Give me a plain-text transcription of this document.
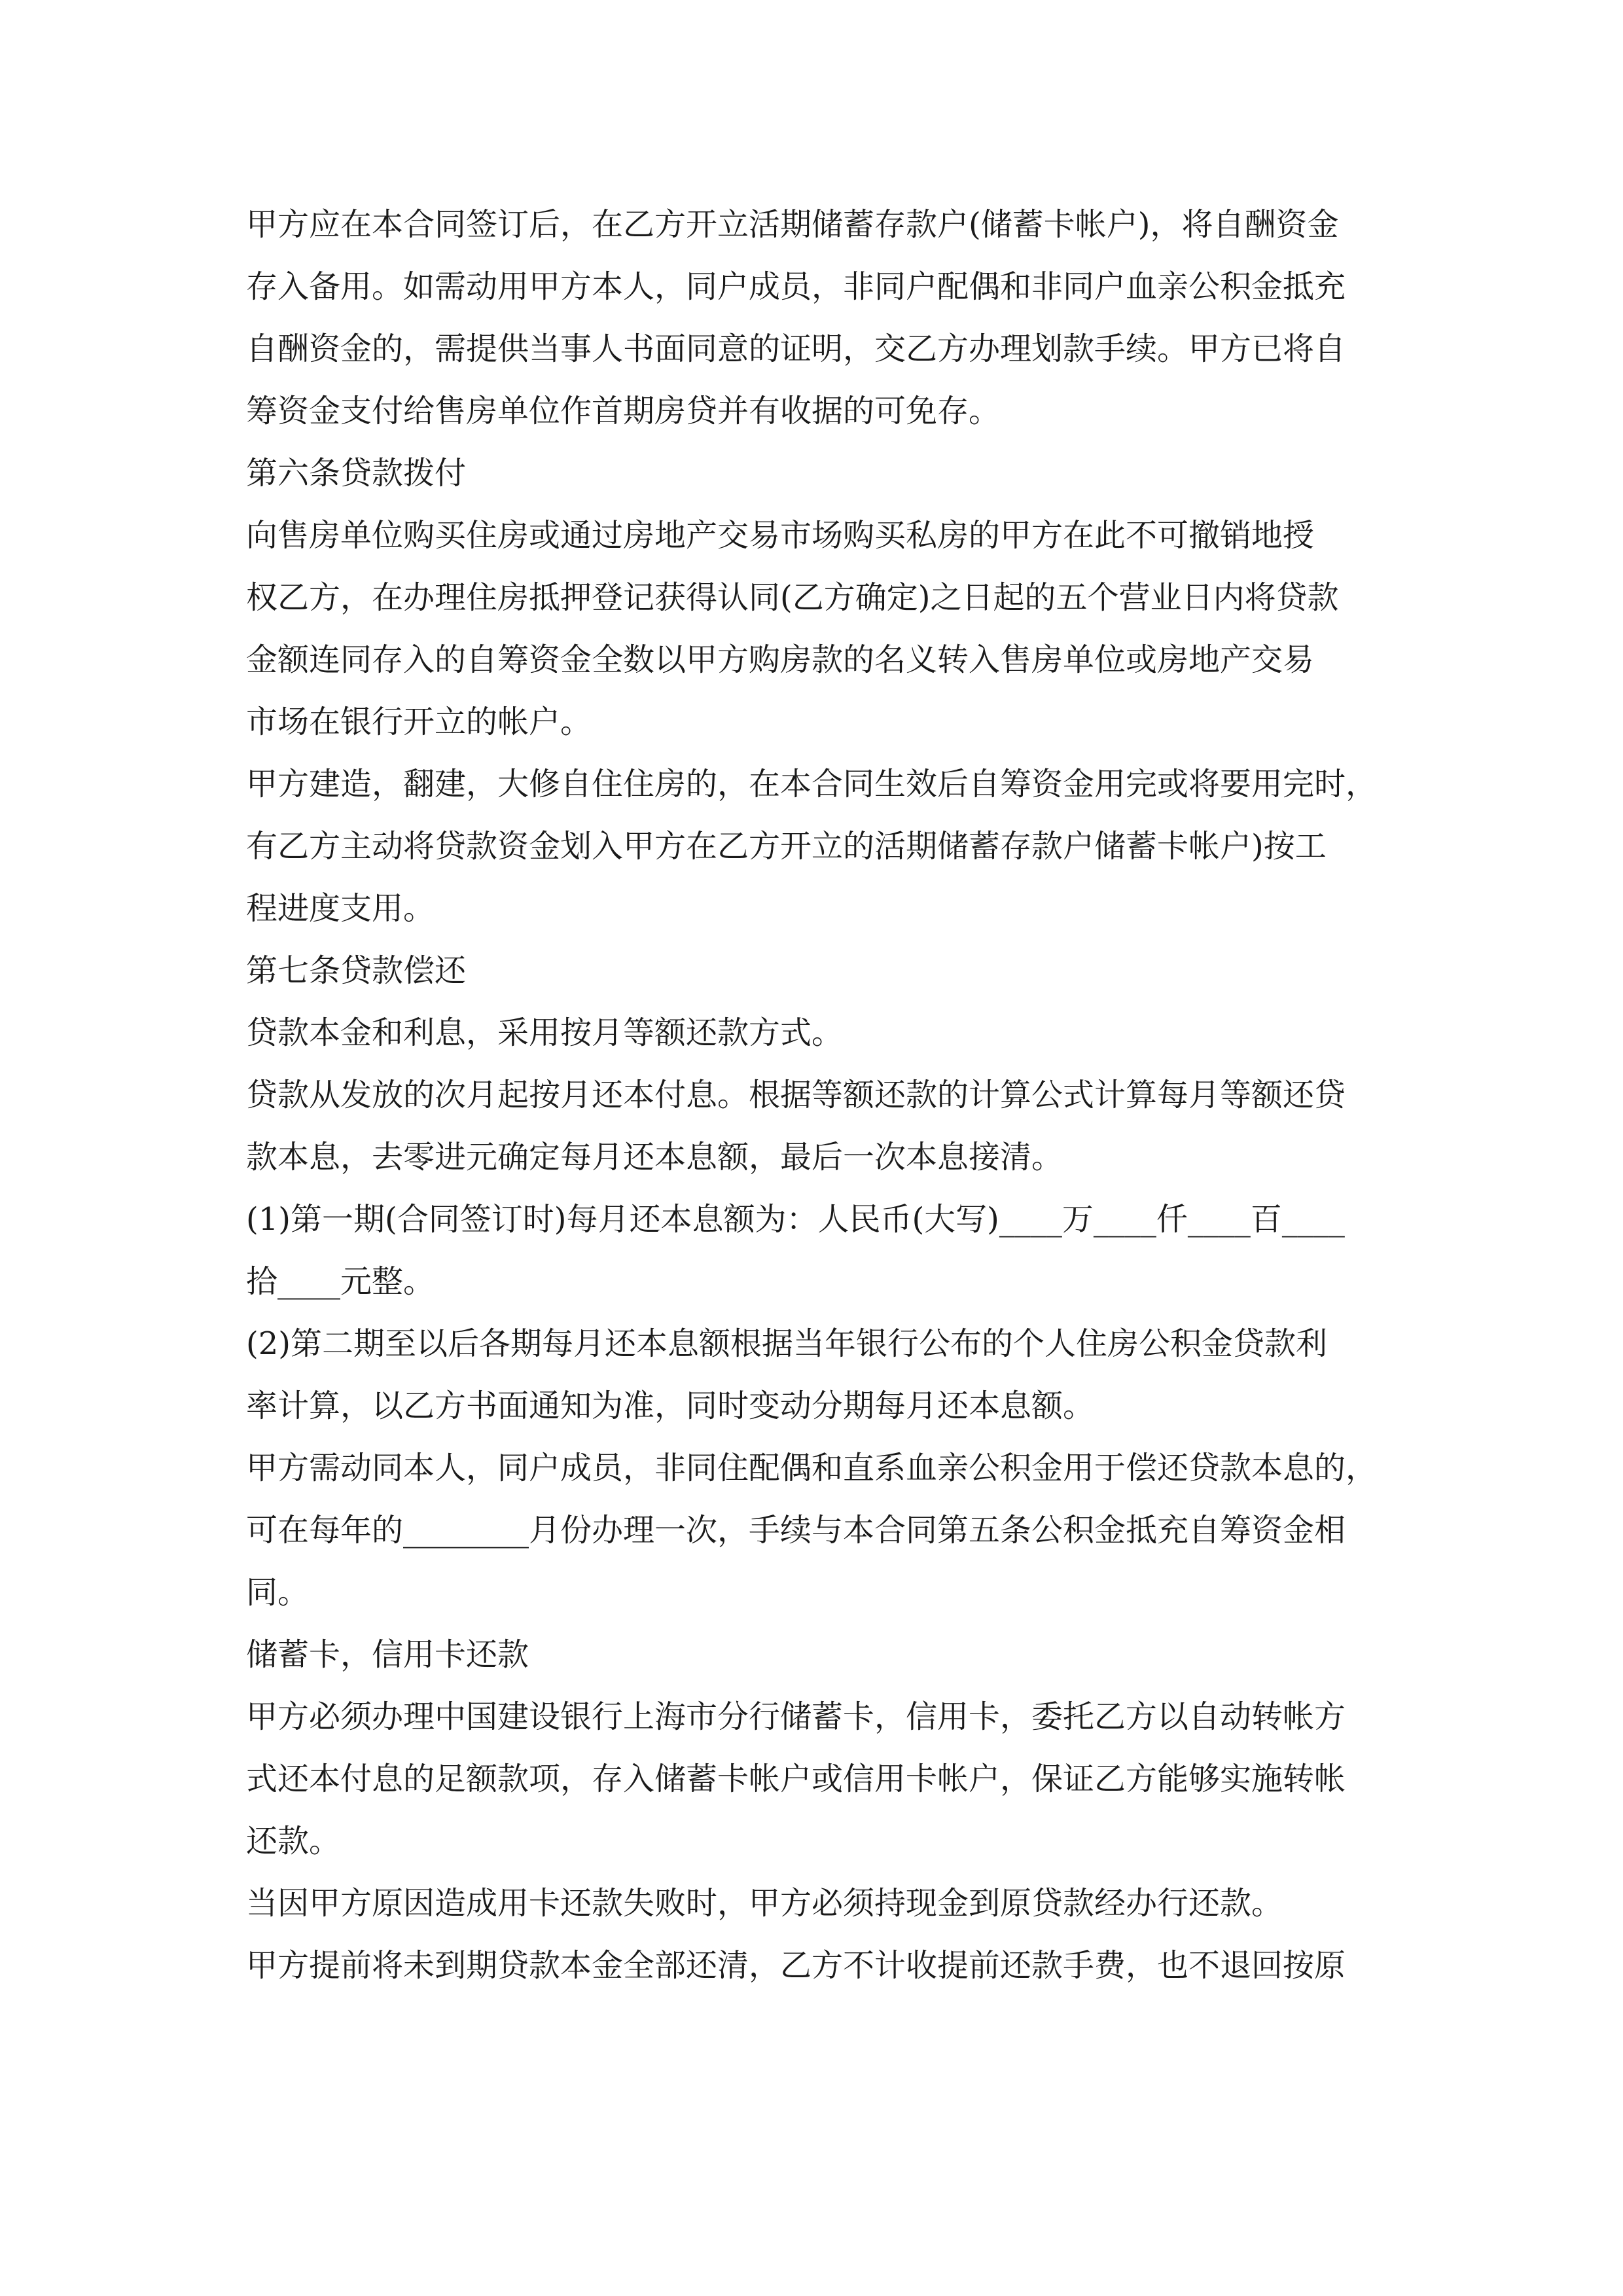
甲方应在本合同签订后，在乙方开立活期储蓄存款户(储蓄卡帐户)，将自酬资金
存入备用。如需动用甲方本人，同户成员，非同户配偶和非同户血亲公积金抵充
自酬资金的，需提供当事人书面同意的证明，交乙方办理划款手续。甲方已将自
筹资金支付给售房单位作首期房贷并有收据的可免存。
第六条贷款拨付
向售房单位购买住房或通过房地产交易市场购买私房的甲方在此不可撤销地授
权乙方，在办理住房抵押登记获得认同(乙方确定)之日起的五个营业日内将贷款
金额连同存入的自筹资金全数以甲方购房款的名义转入售房单位或房地产交易
市场在银行开立的帐户。
甲方建造，翻建，大修自住住房的，在本合同生效后自筹资金用完或将要用完时，
有乙方主动将贷款资金划入甲方在乙方开立的活期储蓄存款户储蓄卡帐户)按工
程进度支用。
第七条贷款偿还
贷款本金和利息，采用按月等额还款方式。
贷款从发放的次月起按月还本付息。根据等额还款的计算公式计算每月等额还贷
款本息，去零进元确定每月还本息额，最后一次本息接清。
(1)第一期(合同签订时)每月还本息额为：人民币(大写)____万____仟____百____
拾____元整。
(2)第二期至以后各期每月还本息额根据当年银行公布的个人住房公积金贷款利
率计算，以乙方书面通知为准，同时变动分期每月还本息额。
甲方需动同本人，同户成员，非同住配偶和直系血亲公积金用于偿还贷款本息的，
可在每年的________月份办理一次，手续与本合同第五条公积金抵充自筹资金相
同。
储蓄卡，信用卡还款
甲方必须办理中国建设银行上海市分行储蓄卡，信用卡，委托乙方以自动转帐方
式还本付息的足额款项，存入储蓄卡帐户或信用卡帐户，保证乙方能够实施转帐
还款。
当因甲方原因造成用卡还款失败时，甲方必须持现金到原贷款经办行还款。
甲方提前将未到期贷款本金全部还清，乙方不计收提前还款手费，也不退回按原
